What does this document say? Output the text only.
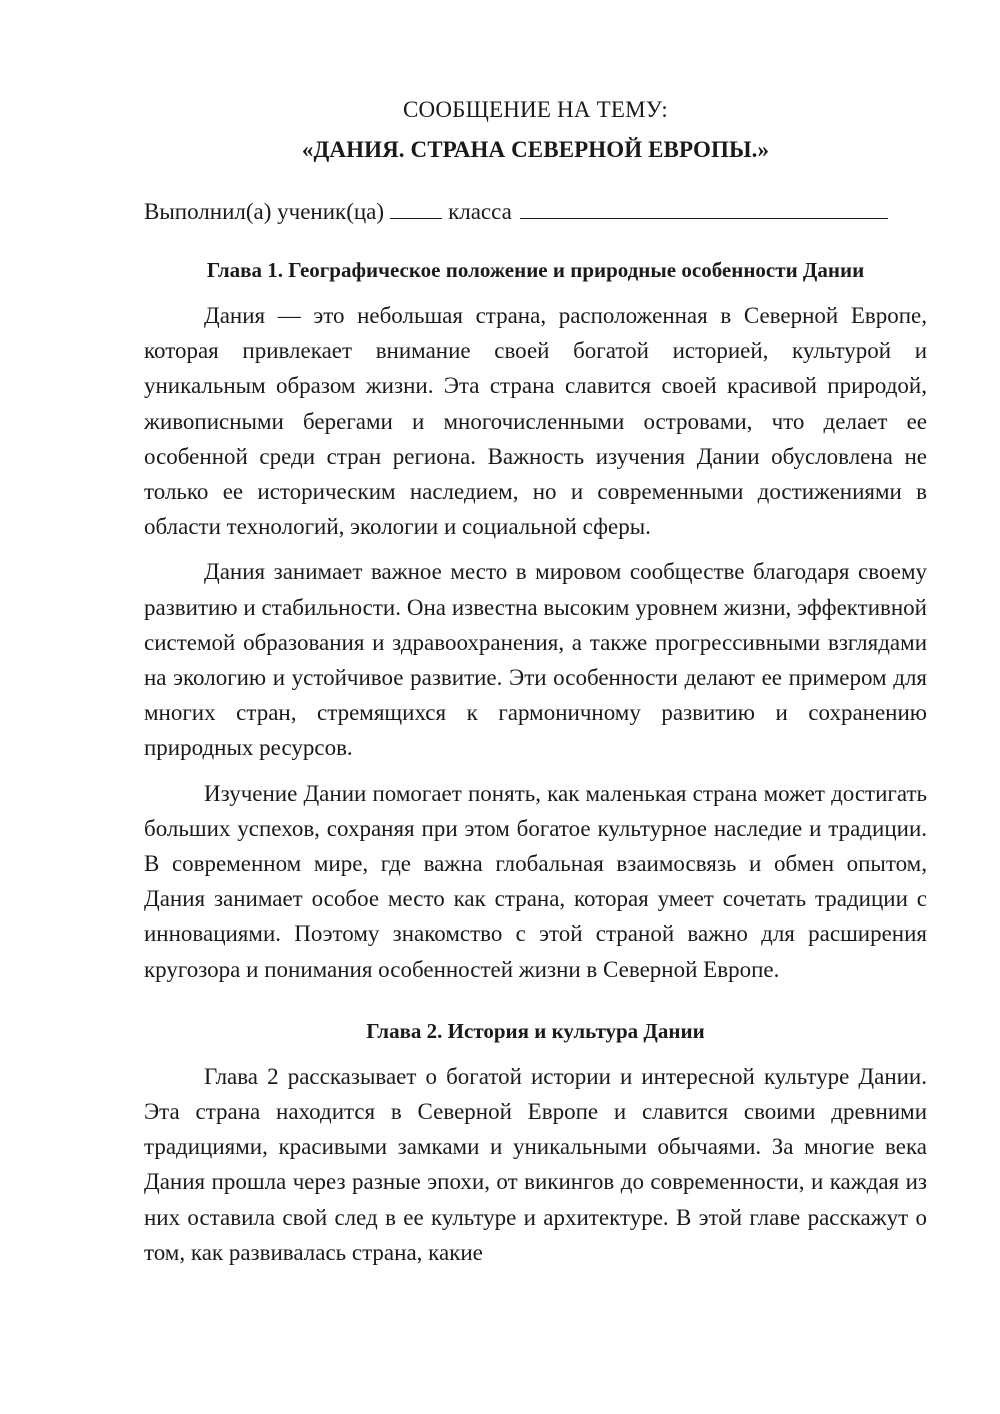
СООБЩЕНИЕ НА ТЕМУ:
«ДАНИЯ. СТРАНА СЕВЕРНОЙ ЕВРОПЫ.»
Выполнил(а) ученик(ца)	класса
Глава 1. Географическое положение и природные особенности Дании

Дания — это небольшая страна, расположенная в Северной Европе, которая привлекает внимание своей богатой историей, культурой и уникальным образом жизни. Эта страна славится своей красивой природой, живописными берегами и многочисленными островами, что делает ее особенной среди стран региона. Важность изучения Дании обусловлена не только ее историческим наследием, но и современными достижениями в области технологий, экологии и социальной сферы.

Дания занимает важное место в мировом сообществе благодаря своему развитию и стабильности. Она известна высоким уровнем жизни, эффективной системой образования и здравоохранения, а также прогрессивными взглядами на экологию и устойчивое развитие. Эти особенности делают ее примером для многих стран, стремящихся к гармоничному развитию и сохранению природных ресурсов.

Изучение Дании помогает понять, как маленькая страна может достигать больших успехов, сохраняя при этом богатое культурное наследие и традиции. В современном мире, где важна глобальная взаимосвязь и обмен опытом, Дания занимает особое место как страна, которая умеет сочетать традиции с инновациями. Поэтому знакомство с этой страной важно для расширения кругозора и понимания особенностей жизни в Северной Европе.

Глава 2. История и культура Дании

Глава 2 рассказывает о богатой истории и интересной культуре Дании. Эта страна находится в Северной Европе и славится своими древними традициями, красивыми замками и уникальными обычаями. За многие века Дания прошла через разные эпохи, от викингов до современности, и каждая из них оставила свой след в ее культуре и архитектуре. В этой главе расскажут о том, как развивалась страна, какие
